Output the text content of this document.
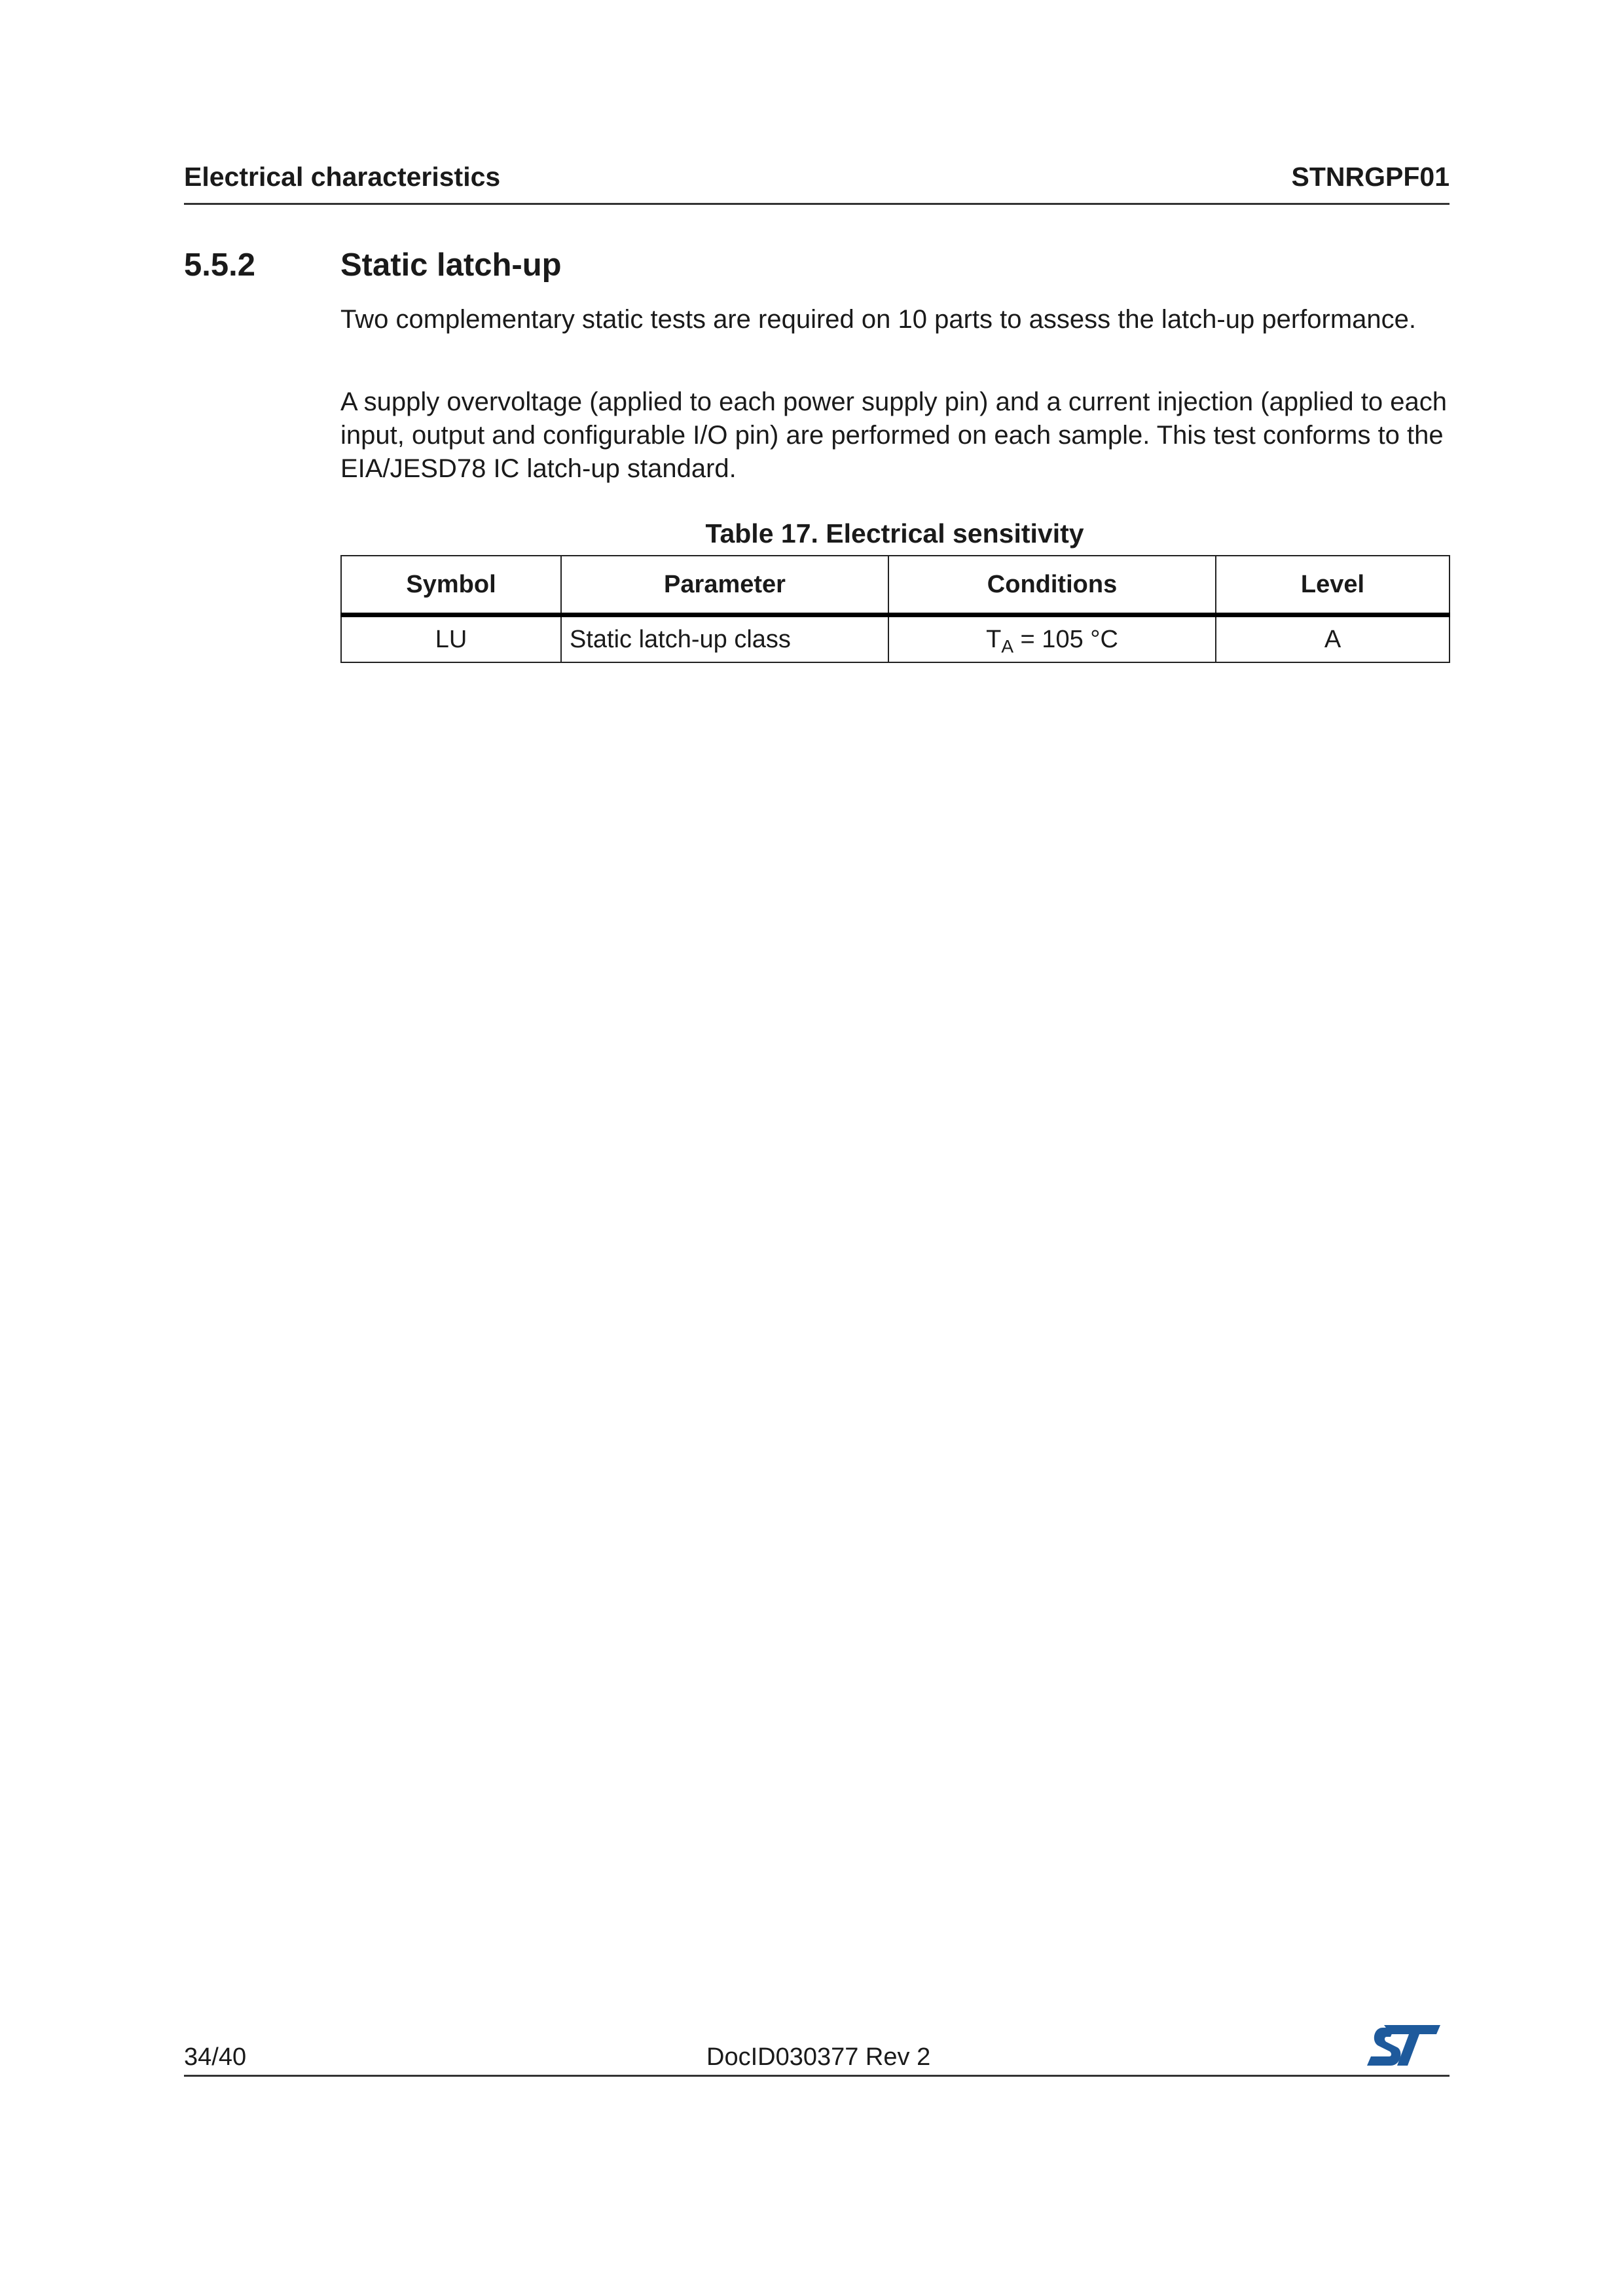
Electrical characteristics	STNRGPF01
5.5.2	Static latch-up

Two complementary static tests are required on 10 parts to assess the latch-up performance.

A supply overvoltage (applied to each power supply pin) and a current injection (applied to each input, output and configurable I/O pin) are performed on each sample. This test conforms to the EIA/JESD78 IC latch-up standard.

Table 17. Electrical sensitivity
Symbol	Parameter	Conditions	Level
LU	Static latch-up class	$T_A = 105$ °C	A
34/40	DocID030377 Rev 2
